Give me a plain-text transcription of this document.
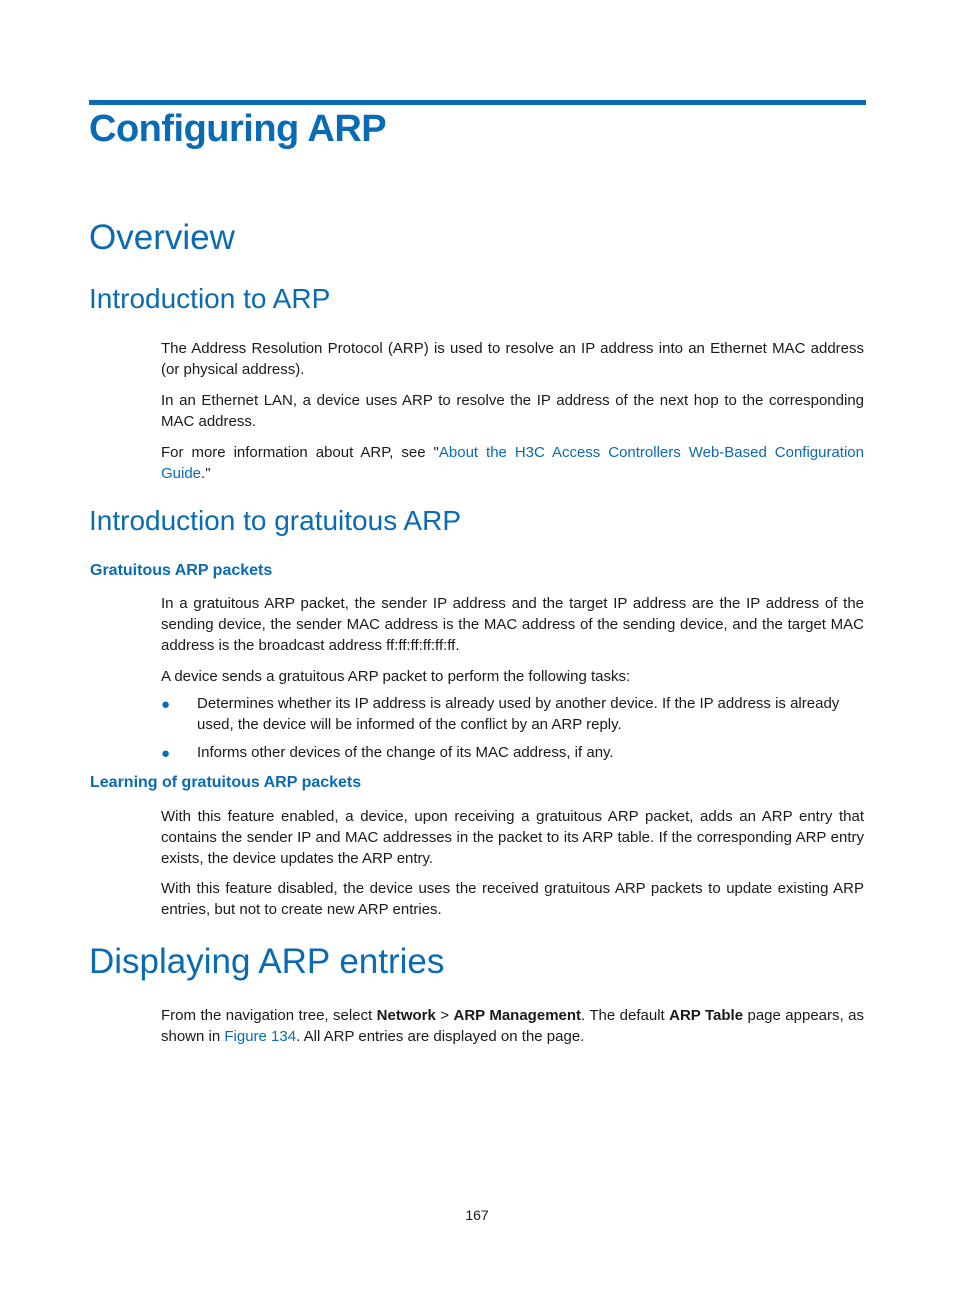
Configuring ARP
Overview
Introduction to ARP
The Address Resolution Protocol (ARP) is used to resolve an IP address into an Ethernet MAC address (or physical address).
In an Ethernet LAN, a device uses ARP to resolve the IP address of the next hop to the corresponding MAC address.
For more information about ARP, see "About the H3C Access Controllers Web-Based Configuration Guide."
Introduction to gratuitous ARP
Gratuitous ARP packets
In a gratuitous ARP packet, the sender IP address and the target IP address are the IP address of the sending device, the sender MAC address is the MAC address of the sending device, and the target MAC address is the broadcast address ff:ff:ff:ff:ff:ff.
A device sends a gratuitous ARP packet to perform the following tasks:
● Determines whether its IP address is already used by another device. If the IP address is already used, the device will be informed of the conflict by an ARP reply.
● Informs other devices of the change of its MAC address, if any.
Learning of gratuitous ARP packets
With this feature enabled, a device, upon receiving a gratuitous ARP packet, adds an ARP entry that contains the sender IP and MAC addresses in the packet to its ARP table. If the corresponding ARP entry exists, the device updates the ARP entry.
With this feature disabled, the device uses the received gratuitous ARP packets to update existing ARP entries, but not to create new ARP entries.
Displaying ARP entries
From the navigation tree, select Network > ARP Management. The default ARP Table page appears, as shown in Figure 134. All ARP entries are displayed on the page.
167
